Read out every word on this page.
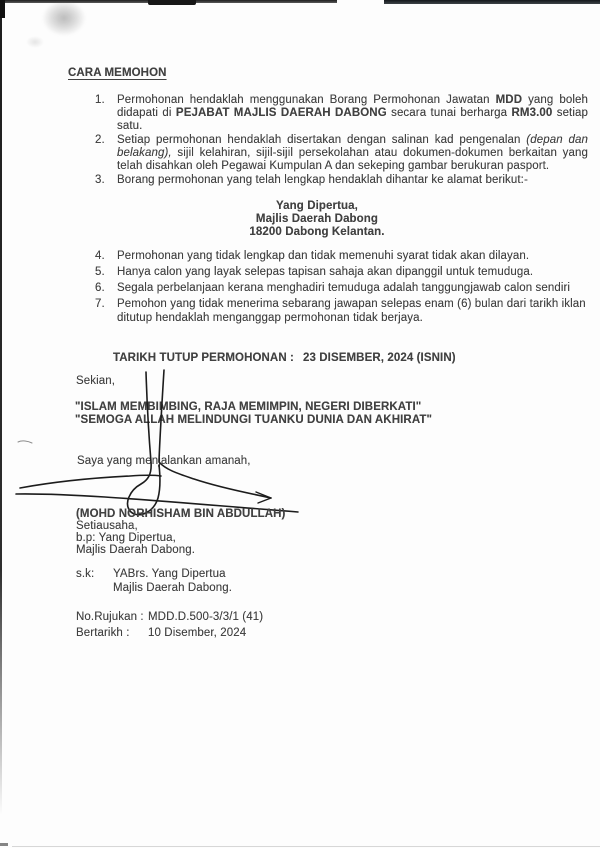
CARA MEMOHON
1.	Permohonan hendaklah menggunakan Borang Permohonan Jawatan MDD yang boleh didapati di PEJABAT MAJLIS DAERAH DABONG secara tunai berharga RM3.00 setiap satu.
2.	Setiap permohonan hendaklah disertakan dengan salinan kad pengenalan (depan dan belakang), sijil kelahiran, sijil-sijil persekolahan atau dokumen-dokumen berkaitan yang telah disahkan oleh Pegawai Kumpulan A dan sekeping gambar berukuran pasport.
3.	Borang permohonan yang telah lengkap hendaklah dihantar ke alamat berikut:-
Yang Dipertua,
Majlis Daerah Dabong
18200 Dabong Kelantan.
4.	Permohonan yang tidak lengkap dan tidak memenuhi syarat tidak akan dilayan.
5.	Hanya calon yang layak selepas tapisan sahaja akan dipanggil untuk temuduga.
6.	Segala perbelanjaan kerana menghadiri temuduga adalah tanggungjawab calon sendiri
7.	Pemohon yang tidak menerima sebarang jawapan selepas enam (6) bulan dari tarikh iklan ditutup hendaklah menganggap permohonan tidak berjaya.
TARIKH TUTUP PERMOHONAN : 23 DISEMBER, 2024 (ISNIN)
Sekian,
"ISLAM MEMBIMBING, RAJA MEMIMPIN, NEGERI DIBERKATI"
"SEMOGA ALLAH MELINDUNGI TUANKU DUNIA DAN AKHIRAT"
Saya yang menjalankan amanah,
(MOHD NORHISHAM BIN ABDULLAH)
Setiausaha,
b.p: Yang Dipertua,
Majlis Daerah Dabong.
s.k:	YABrs. Yang Dipertua
Majlis Daerah Dabong.
No.Rujukan : MDD.D.500-3/3/1 (41)
Bertarikh : 10 Disember, 2024
